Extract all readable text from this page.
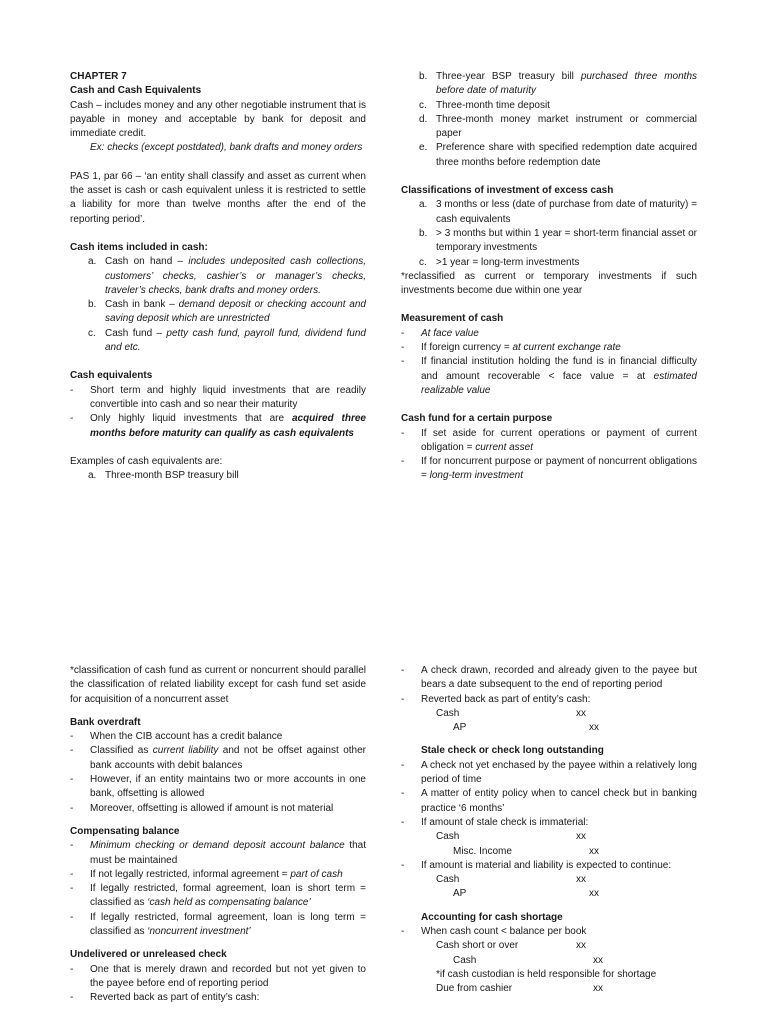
CHAPTER 7

Cash and Cash Equivalents

Cash – includes money and any other negotiable instrument that is payable in money and acceptable by bank for deposit and immediate credit.

Ex: checks (except postdated), bank drafts and money orders

PAS 1, par 66 – ‘an entity shall classify and asset as current when the asset is cash or cash equivalent unless it is restricted to settle a liability for more than twelve months after the end of the reporting period’.

Cash items included in cash:

a. Cash on hand – includes undeposited cash collections, customers’ checks, cashier’s or manager’s checks, traveler’s checks, bank drafts and money orders.
b. Cash in bank – demand deposit or checking account and saving deposit which are unrestricted
c. Cash fund – petty cash fund, payroll fund, dividend fund and etc.

Cash equivalents

- Short term and highly liquid investments that are readily convertible into cash and so near their maturity
- Only highly liquid investments that are acquired three months before maturity can qualify as cash equivalents

Examples of cash equivalents are:

a. Three-month BSP treasury bill
b. Three-year BSP treasury bill purchased three months before date of maturity
c. Three-month time deposit
d. Three-month money market instrument or commercial paper
e. Preference share with specified redemption date acquired three months before redemption date

Classifications of investment of excess cash

a. 3 months or less (date of purchase from date of maturity) = cash equivalents
b. > 3 months but within 1 year = short-term financial asset or temporary investments
c. >1 year = long-term investments

*reclassified as current or temporary investments if such investments become due within one year

Measurement of cash

- At face value
- If foreign currency = at current exchange rate
- If financial institution holding the fund is in financial difficulty and amount recoverable < face value = at estimated realizable value

Cash fund for a certain purpose

- If set aside for current operations or payment of current obligation = current asset
- If for noncurrent purpose or payment of noncurrent obligations = long-term investment

*classification of cash fund as current or noncurrent should parallel the classification of related liability except for cash fund set aside for acquisition of a noncurrent asset

Bank overdraft

- When the CIB account has a credit balance
- Classified as current liability and not be offset against other bank accounts with debit balances
- However, if an entity maintains two or more accounts in one bank, offsetting is allowed
- Moreover, offsetting is allowed if amount is not material

Compensating balance

- Minimum checking or demand deposit account balance that must be maintained
- If not legally restricted, informal agreement = part of cash
- If legally restricted, formal agreement, loan is short term = classified as ‘cash held as compensating balance’
- If legally restricted, formal agreement, loan is long term = classified as ‘noncurrent investment’

Undelivered or unreleased check

- One that is merely drawn and recorded but not yet given to the payee before end of reporting period
- Reverted back as part of entity’s cash:
- A check drawn, recorded and already given to the payee but bears a date subsequent to the end of reporting period
- Reverted back as part of entity’s cash:
Cash	xx
AP	xx

Stale check or check long outstanding

- A check not yet enchased by the payee within a relatively long period of time
- A matter of entity policy when to cancel check but in banking practice ‘6 months’
- If amount of stale check is immaterial:
Cash	xx
Misc. Income	xx
- If amount is material and liability is expected to continue:
Cash	xx
AP	xx

Accounting for cash shortage

- When cash count < balance per book
Cash short or over	xx
Cash	xx

*if cash custodian is held responsible for shortage

Due from cashier	xx
